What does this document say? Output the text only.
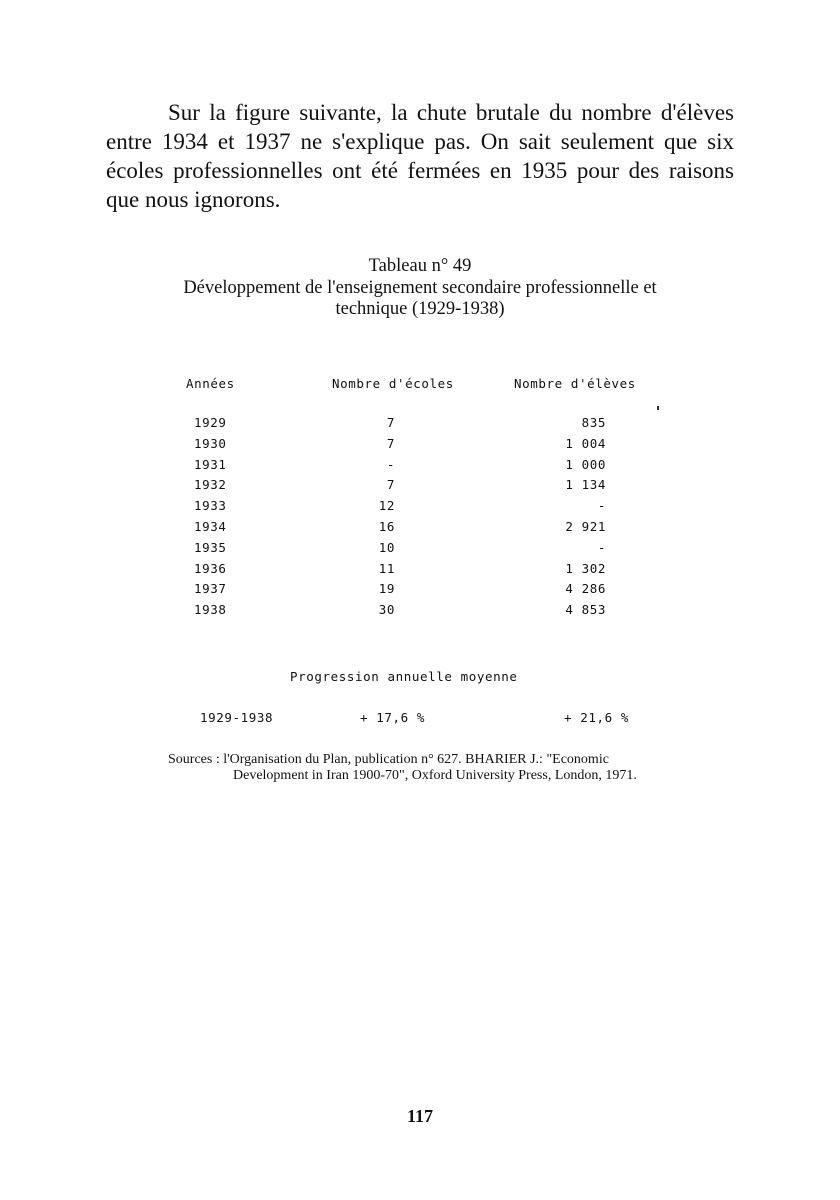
Sur la figure suivante, la chute brutale du nombre d'élèves entre 1934 et 1937 ne s'explique pas. On sait seulement que six écoles professionnelles ont été fermées en 1935 pour des raisons que nous ignorons.

Tableau n° 49
Développement de l'enseignement secondaire professionnelle et
technique (1929-1938)
Années	Nombre d'écoles	Nombre d'élèves
1929	7	835
1930	7	1 004
1931	-	1 000
1932	7	1 134
1933	12	-
1934	16	2 921
1935	10	-
1936	11	1 302
1937	19	4 286
1938	30	4 853
Progression annuelle moyenne
1929-1938	+ 17,6 %	+ 21,6 %
Sources : l'Organisation du Plan, publication n° 627. BHARIER J.: "Economic
Development in Iran 1900-70", Oxford University Press, London, 1971.
117
